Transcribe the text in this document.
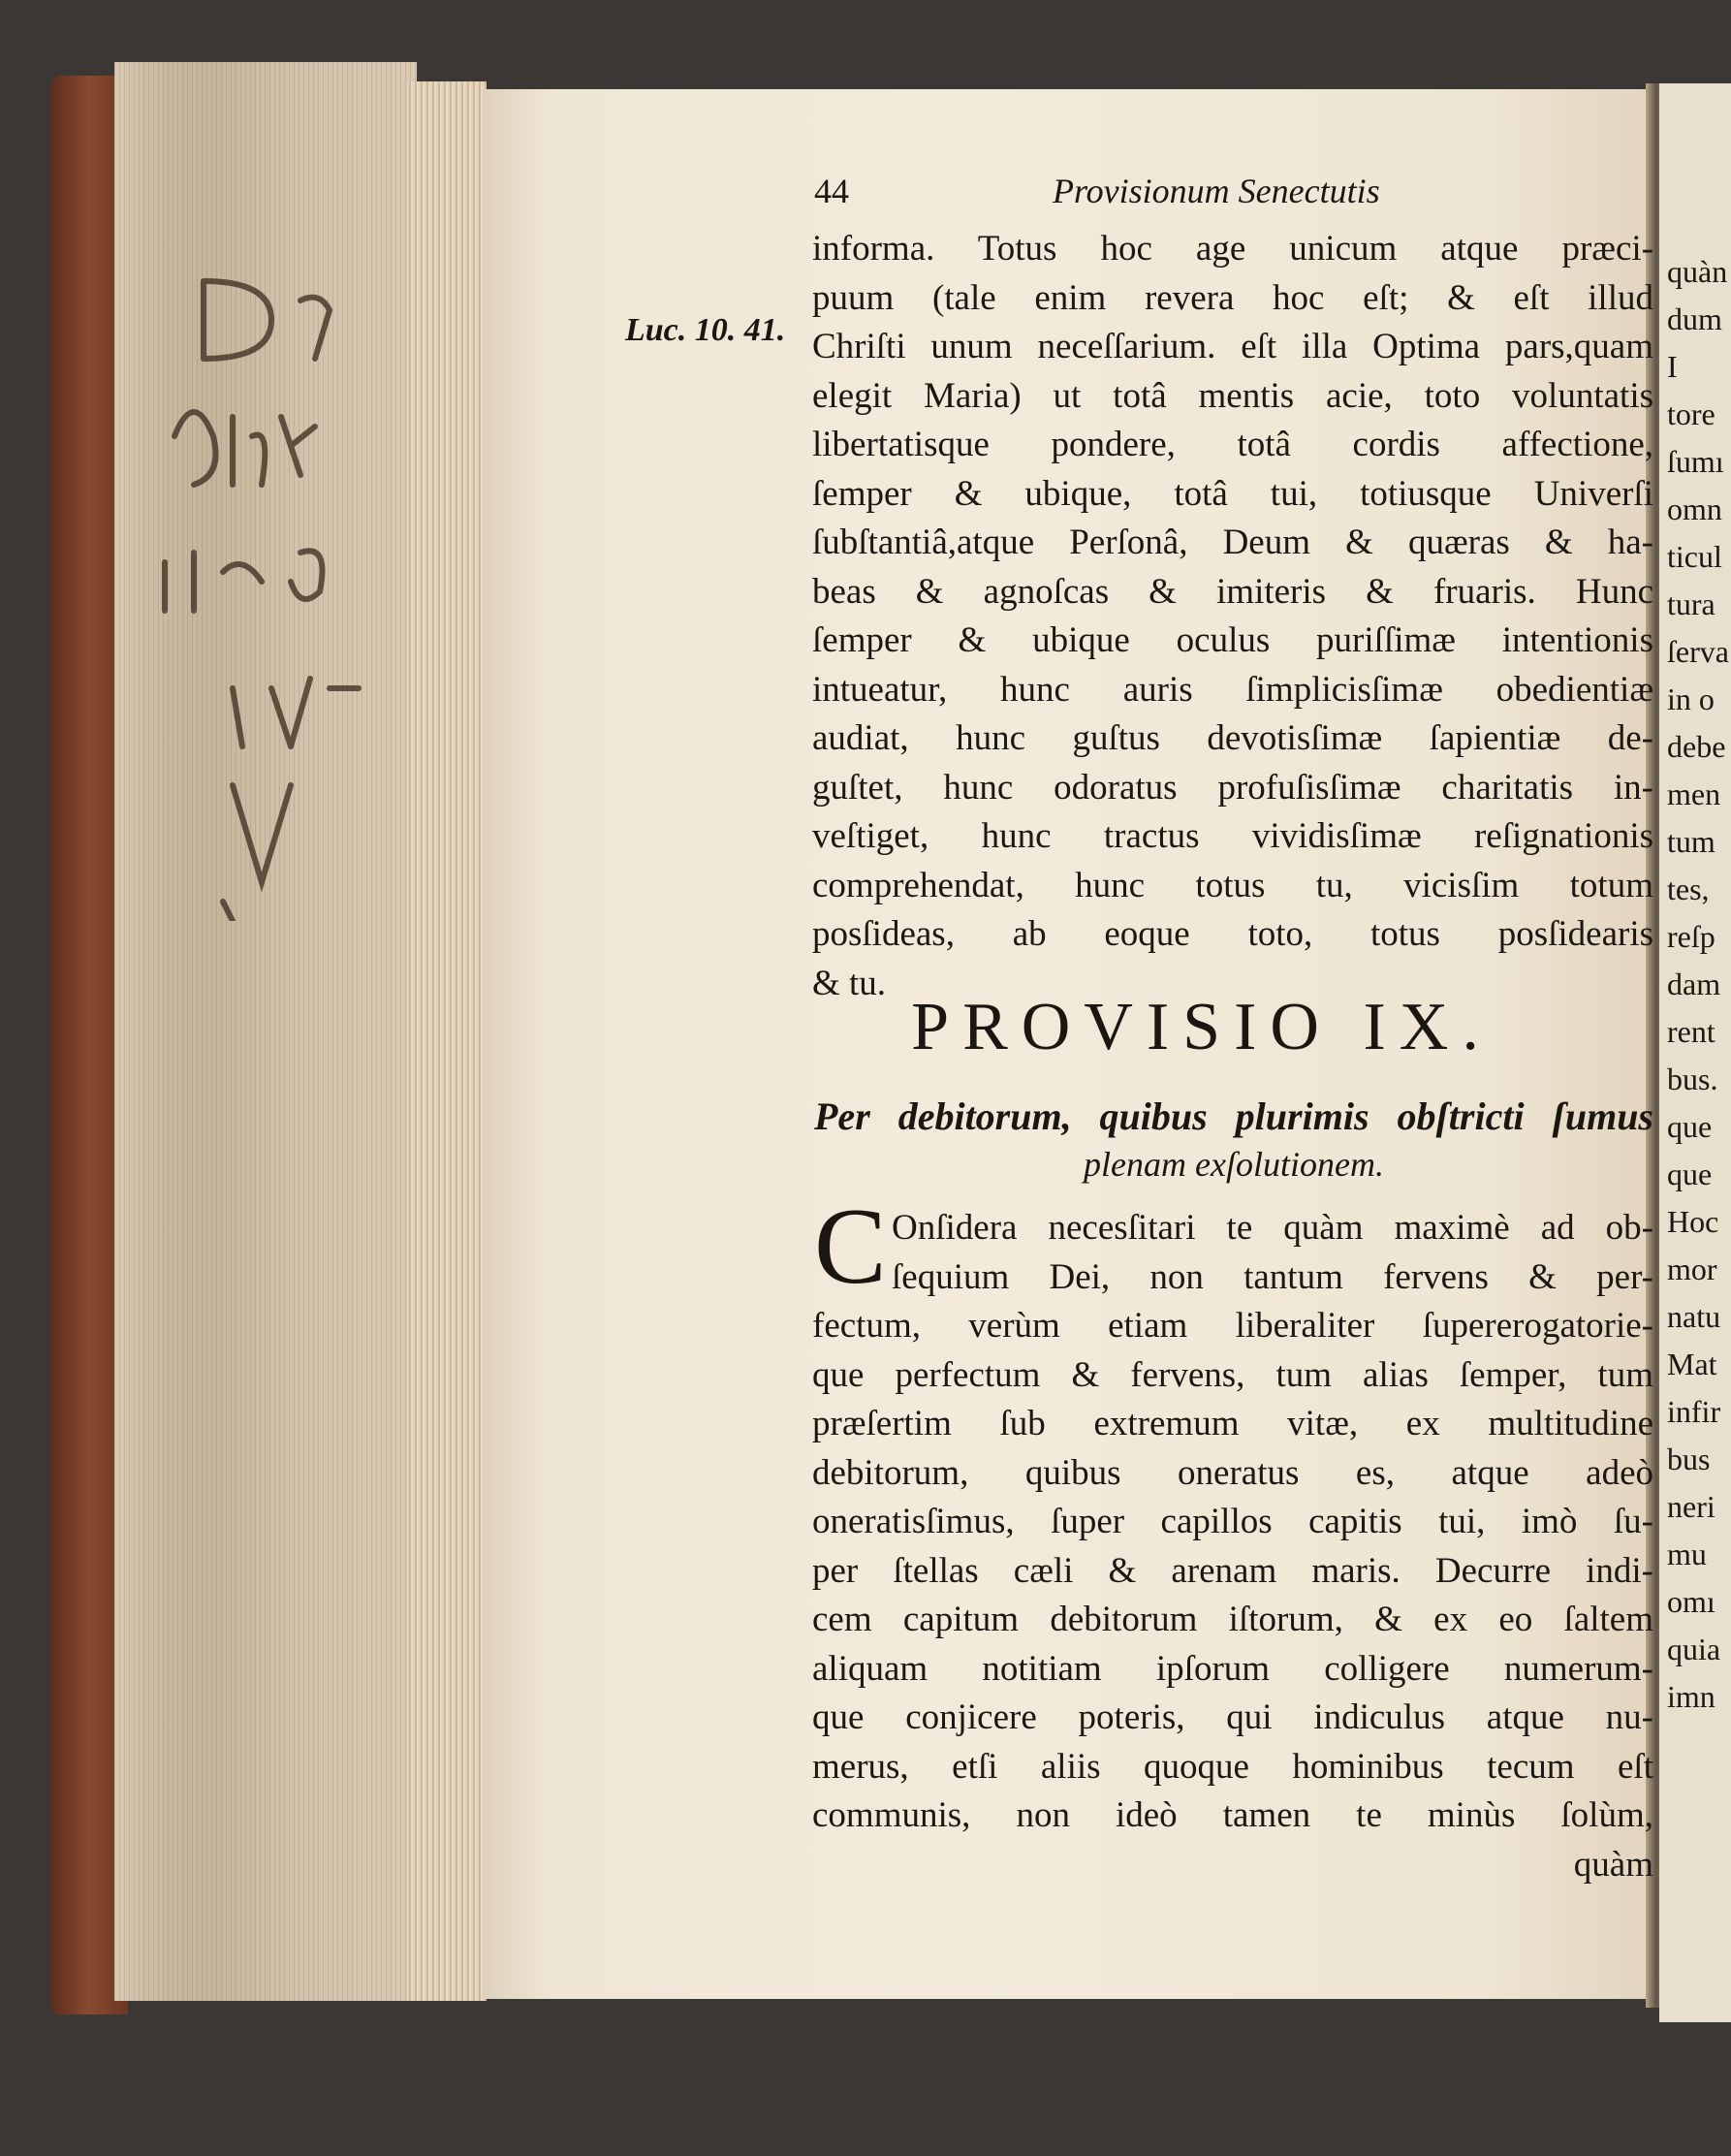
44	Provisionum Senectutis
Luc. 10. 41.
informa. Totus hoc age unicum atque præci-
puum (tale enim revera hoc eſt; & eſt illud
Chriſti unum neceſſarium. eſt illa Optima pars,quam
elegit Maria) ut totâ mentis acie, toto voluntatis
libertatisque pondere, totâ cordis affectione,
ſemper & ubique, totâ tui, totiusque Univerſi
ſubſtantiâ,atque Perſonâ, Deum & quæras & ha-
beas & agnoſcas & imiteris & fruaris. Hunc
ſemper & ubique oculus puriſſimæ intentionis
intueatur, hunc auris ſimplicisſimæ obedientiæ
audiat, hunc guſtus devotisſimæ ſapientiæ de-
guſtet, hunc odoratus profuſisſimæ charitatis in-
veſtiget, hunc tractus vividisſimæ reſignationis
comprehendat, hunc totus tu, vicisſim totum
posſideas, ab eoque toto, totus posſidearis
& tu.
PROVISIO IX.
Per debitorum, quibus plurimis obſtricti ſumus
plenam exſolutionem.
C Onſidera necesſitari te quàm maximè ad ob-
ſequium Dei, non tantum fervens & per-
fectum, verùm etiam liberaliter ſupererogatorie-
que perfectum & fervens, tum alias ſemper, tum
præſertim ſub extremum vitæ, ex multitudine
debitorum, quibus oneratus es, atque adeò
oneratisſimus, ſuper capillos capitis tui, imò ſu-
per ſtellas cæli & arenam maris. Decurre indi-
cem capitum debitorum iſtorum, & ex eo ſaltem
aliquam notitiam ipſorum colligere numerum-
que conjicere poteris, qui indiculus atque nu-
merus, etſi aliis quoque hominibus tecum eſt
communis, non ideò tamen te minùs ſolùm,
quàm
quàn
dum
I
tore
ſumı
omn
ticul
tura
ſerva
in o
debe
men
tum
tes,
reſp
dam
rent
bus.
que
que
Hoc
mor
natu
Mat
infir
bus
neri
mu
omı
quia
imn
